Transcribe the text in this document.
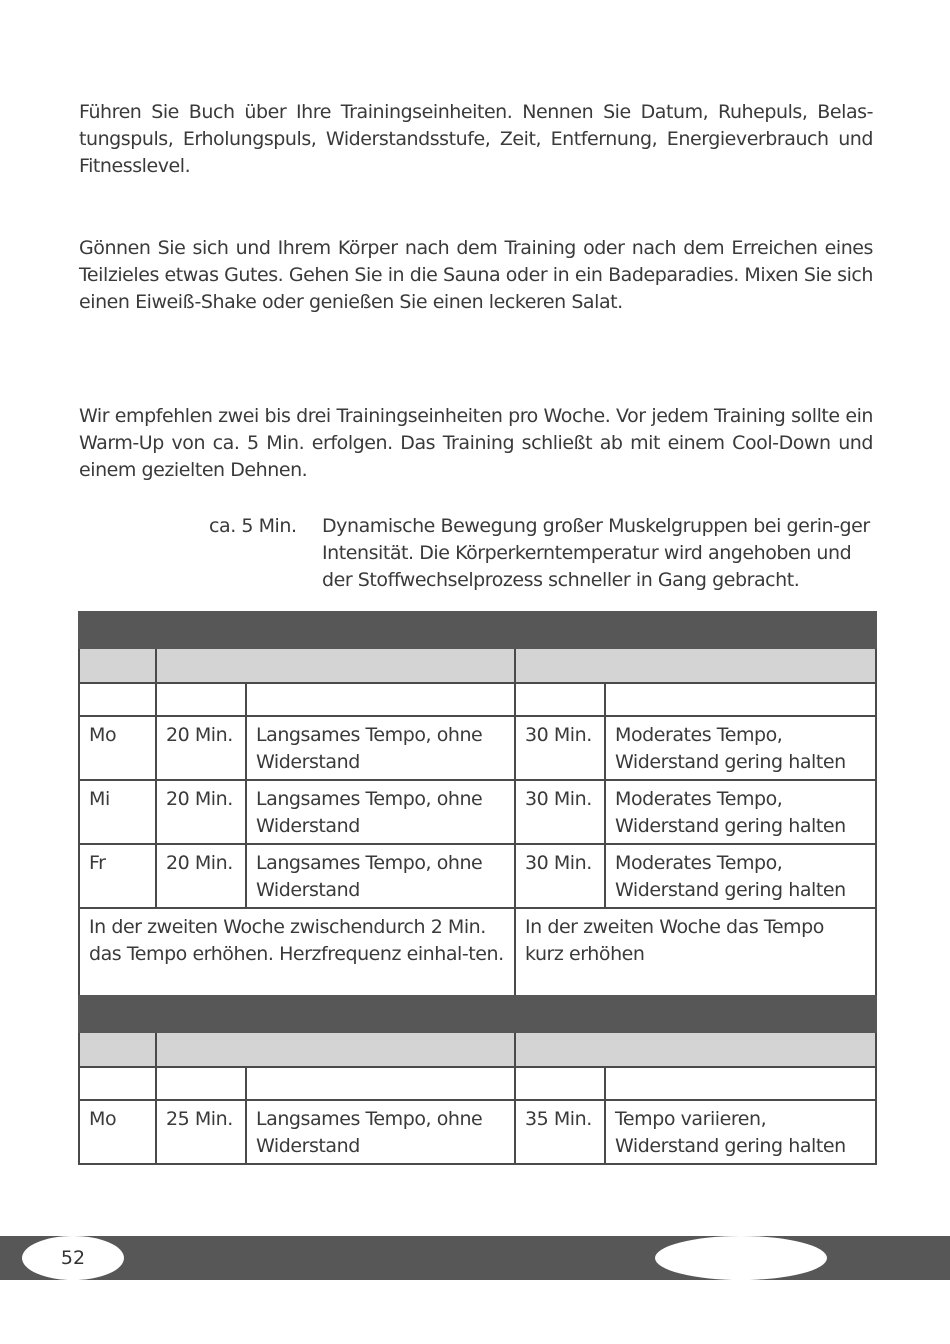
Führen Sie Buch über Ihre Trainingseinheiten. Nennen Sie Datum, Ruhepuls, Belas-tungspuls, Erholungspuls, Widerstandsstufe, Zeit, Entfernung, Energieverbrauch und Fitnesslevel.

Gönnen Sie sich und Ihrem Körper nach dem Training oder nach dem Erreichen eines Teilzieles etwas Gutes. Gehen Sie in die Sauna oder in ein Badeparadies. Mixen Sie sich einen Eiweiß-Shake oder genießen Sie einen leckeren Salat.

Wir empfehlen zwei bis drei Trainingseinheiten pro Woche. Vor jedem Training sollte ein Warm-Up von ca. 5 Min. erfolgen. Das Training schließt ab mit einem Cool-Down und einem gezielten Dehnen.

ca. 5 Min. Dynamische Bewegung großer Muskelgruppen bei gerin-ger Intensität. Die Körperkerntemperatur wird angehoben und der Stoffwechselprozess schneller in Gang gebracht.

Mo	20 Min.	Langsames Tempo, ohne Widerstand	30 Min.	Moderates Tempo, Widerstand gering halten
Mi	20 Min.	Langsames Tempo, ohne Widerstand	30 Min.	Moderates Tempo, Widerstand gering halten
Fr	20 Min.	Langsames Tempo, ohne Widerstand	30 Min.	Moderates Tempo, Widerstand gering halten
In der zweiten Woche zwischendurch 2 Min. das Tempo erhöhen. Herzfrequenz einhal-ten.			In der zweiten Woche das Tempo kurz erhöhen	

Mo	25 Min.	Langsames Tempo, ohne Widerstand	35 Min.	Tempo variieren, Widerstand gering halten
52
